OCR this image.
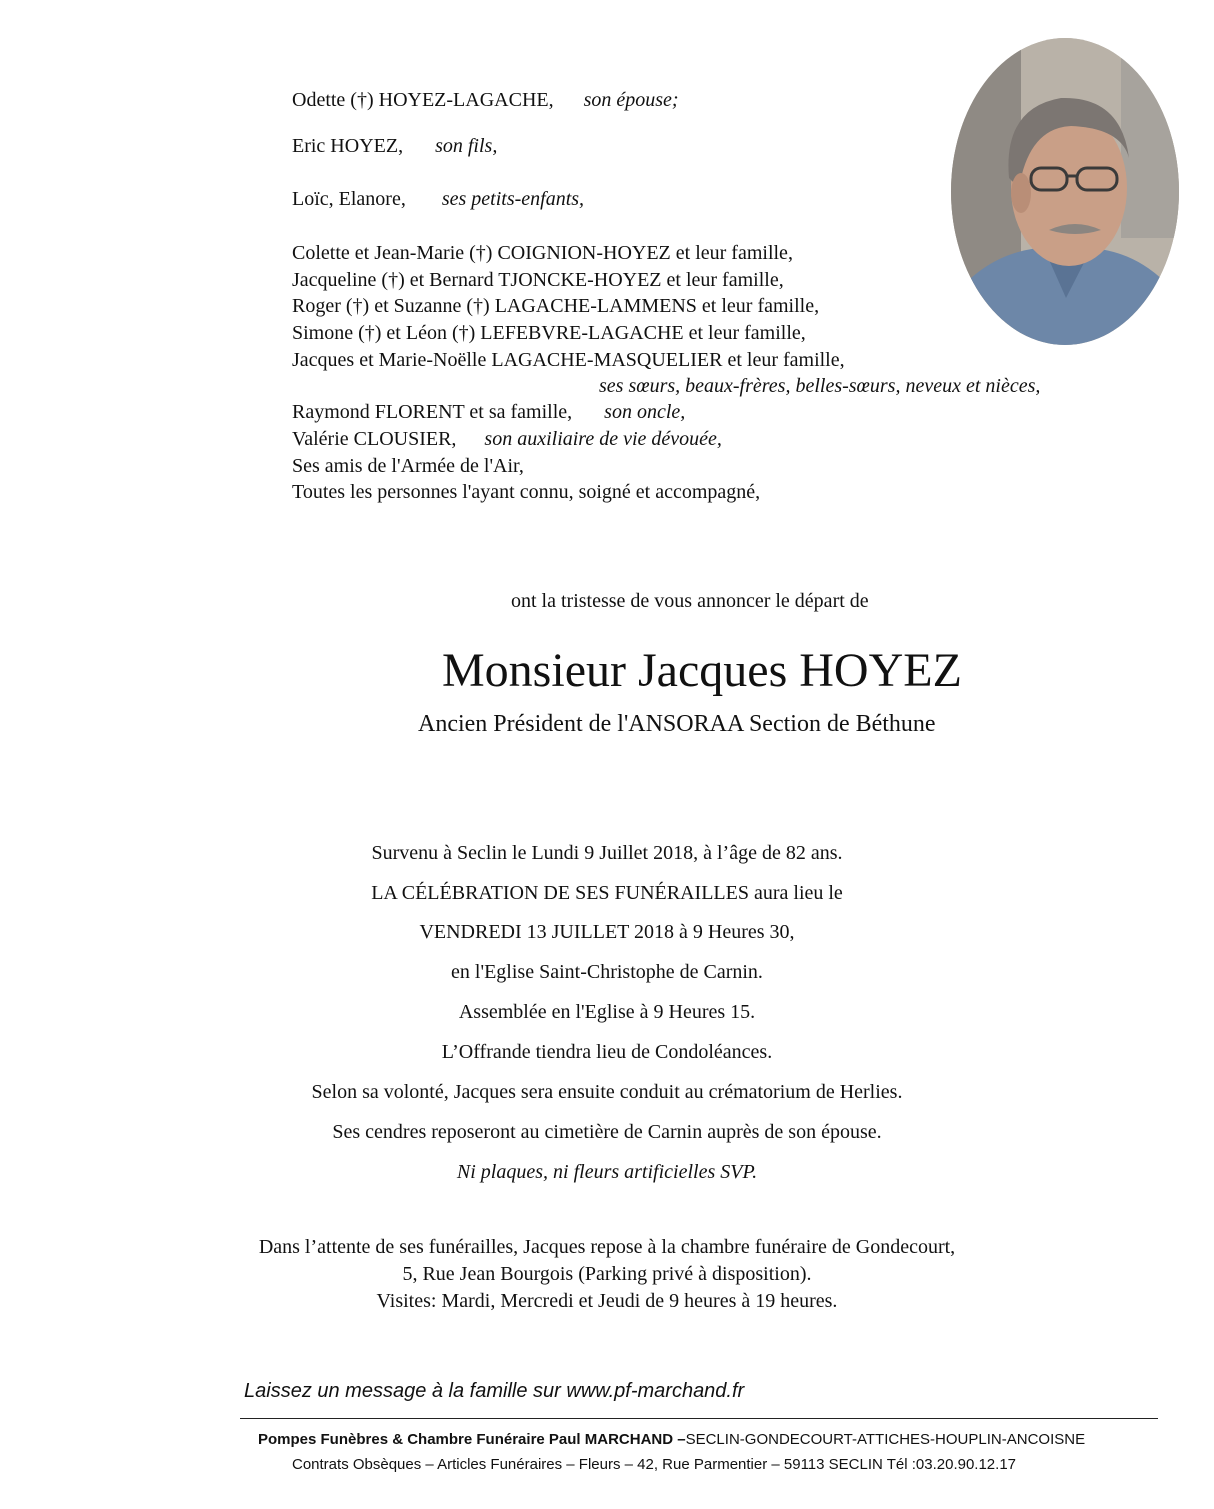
Odette (†) HOYEZ-LAGACHE, son épouse;
Eric HOYEZ, son fils,
Loïc, Elanore, ses petits-enfants,
Colette et Jean-Marie (†) COIGNION-HOYEZ et leur famille,
Jacqueline (†) et Bernard TJONCKE-HOYEZ et leur famille,
Roger (†) et Suzanne (†) LAGACHE-LAMMENS et leur famille,
Simone (†) et Léon (†) LEFEBVRE-LAGACHE et leur famille,
Jacques et Marie-Noëlle LAGACHE-MASQUELIER et leur famille,
ses sœurs, beaux-frères, belles-sœurs, neveux et nièces,
Raymond FLORENT et sa famille, son oncle,
Valérie CLOUSIER, son auxiliaire de vie dévouée,
Ses amis de l'Armée de l'Air,
Toutes les personnes l'ayant connu, soigné et accompagné,
ont la tristesse de vous annoncer le départ de
Monsieur Jacques HOYEZ
Ancien Président de l'ANSORAA Section de Béthune
Survenu à Seclin le Lundi 9 Juillet 2018, à l’âge de 82 ans.
LA CÉLÉBRATION DE SES FUNÉRAILLES aura lieu le
VENDREDI 13 JUILLET 2018 à 9 Heures 30,
en l'Eglise Saint-Christophe de Carnin.
Assemblée en l'Eglise à 9 Heures 15.
L’Offrande tiendra lieu de Condoléances.
Selon sa volonté, Jacques sera ensuite conduit au crématorium de Herlies.
Ses cendres reposeront au cimetière de Carnin auprès de son épouse.
Ni plaques, ni fleurs artificielles SVP.
Dans l’attente de ses funérailles, Jacques repose à la chambre funéraire de Gondecourt,
5, Rue Jean Bourgois (Parking privé à disposition).
Visites: Mardi, Mercredi et Jeudi de 9 heures à 19 heures.
Laissez un message à la famille sur www.pf-marchand.fr
Pompes Funèbres & Chambre Funéraire Paul MARCHAND –SECLIN-GONDECOURT-ATTICHES-HOUPLIN-ANCOISNE
Contrats Obsèques – Articles Funéraires – Fleurs – 42, Rue Parmentier – 59113 SECLIN Tél :03.20.90.12.17
